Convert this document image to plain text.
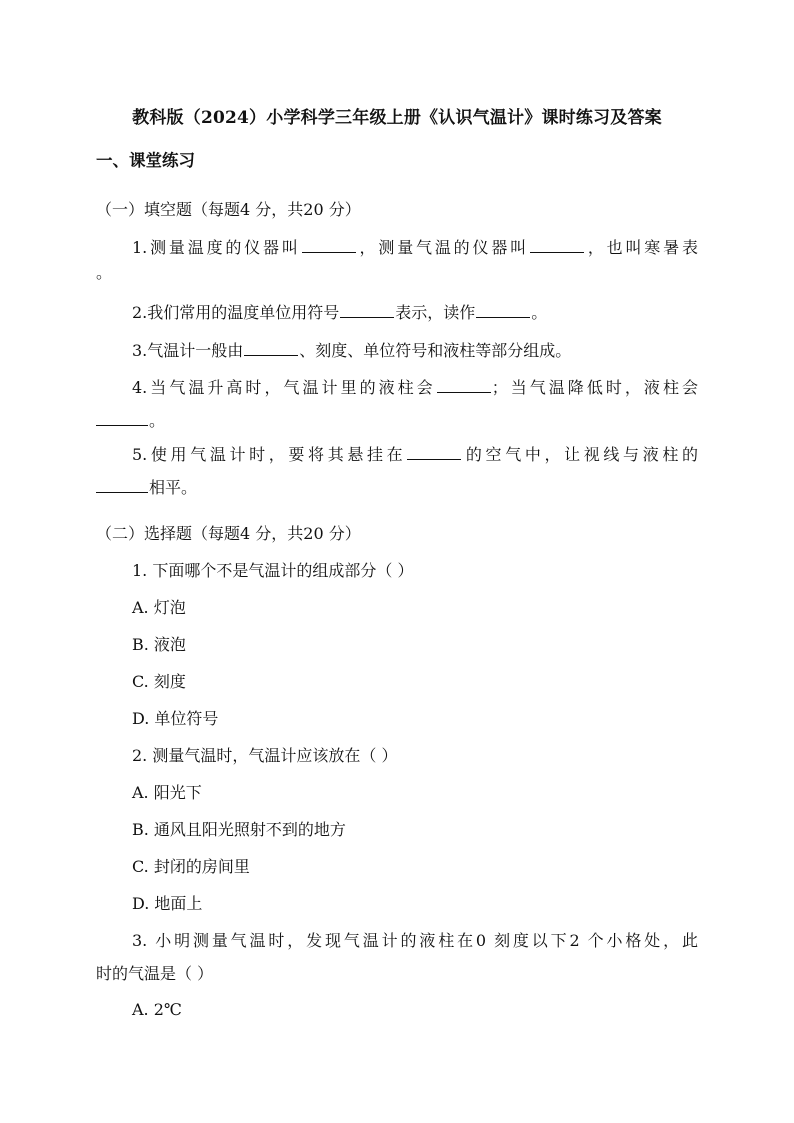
教科版（2024）小学科学三年级上册《认识气温计》课时练习及答案
一、课堂练习
（一）填空题（每题4 分，共20 分）
1.测量温度的仪器叫	，测量气温的仪器叫	，也叫寒暑表
。
2.我们常用的温度单位用符号	表示，读作	。
3.气温计一般由	、刻度、单位符号和液柱等部分组成。
4.当气温升高时，气温计里的液柱会	；当气温降低时，液柱会
。
5.使用气温计时，要将其悬挂在	的空气中，让视线与液柱的
相平。
（二）选择题（每题4 分，共20 分）
1. 下面哪个不是气温计的组成部分（ ）
A. 灯泡
B. 液泡
C. 刻度
D. 单位符号
2. 测量气温时，气温计应该放在（ ）
A. 阳光下
B. 通风且阳光照射不到的地方
C. 封闭的房间里
D. 地面上
3. 小明测量气温时，发现气温计的液柱在0 刻度以下2 个小格处，此
时的气温是（ ）
A. 2℃
